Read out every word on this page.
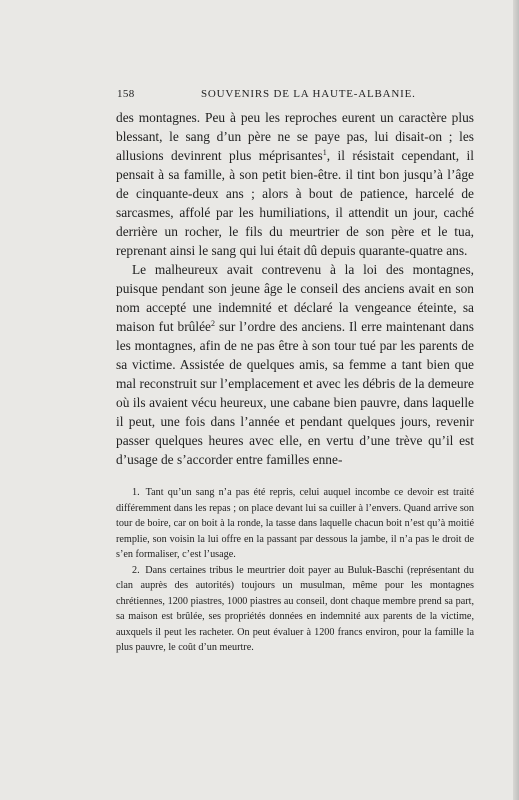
158	SOUVENIRS DE LA HAUTE-ALBANIE.

des montagnes. Peu à peu les reproches eurent un caractère plus blessant, le sang d’un père ne se paye pas, lui disait-on ; les allusions devinrent plus méprisantes$^1$, il résistait cependant, il pensait à sa famille, à son petit bien-être. il tint bon jusqu’à l’âge de cinquante-deux ans ; alors à bout de patience, harcelé de sarcasmes, affolé par les humiliations, il attendit un jour, caché derrière un rocher, le fils du meurtrier de son père et le tua, reprenant ainsi le sang qui lui était dû depuis quarante-quatre ans.

Le malheureux avait contrevenu à la loi des montagnes, puisque pendant son jeune âge le conseil des anciens avait en son nom accepté une indemnité et déclaré la vengeance éteinte, sa maison fut brûlée$^2$ sur l’ordre des anciens. Il erre maintenant dans les montagnes, afin de ne pas être à son tour tué par les parents de sa victime. Assistée de quelques amis, sa femme a tant bien que mal reconstruit sur l’emplacement et avec les débris de la demeure où ils avaient vécu heureux, une cabane bien pauvre, dans laquelle il peut, une fois dans l’année et pendant quelques jours, revenir passer quelques heures avec elle, en vertu d’une trève qu’il est d’usage de s’accorder entre familles enne-

1. Tant qu’un sang n’a pas été repris, celui auquel incombe ce devoir est traité différemment dans les repas ; on place devant lui sa cuiller à l’envers. Quand arrive son tour de boire, car on boit à la ronde, la tasse dans laquelle chacun boit n’est qu’à moitié remplie, son voisin la lui offre en la passant par dessous la jambe, il n’a pas le droit de s’en formaliser, c’est l’usage.

2. Dans certaines tribus le meurtrier doit payer au Buluk-Baschi (représentant du clan auprès des autorités) toujours un musulman, même pour les montagnes chrétiennes, 1200 piastres, 1000 piastres au conseil, dont chaque membre prend sa part, sa maison est brûlée, ses propriétés données en indemnité aux parents de la victime, auxquels il peut les racheter. On peut évaluer à 1200 francs environ, pour la famille la plus pauvre, le coût d’un meurtre.
